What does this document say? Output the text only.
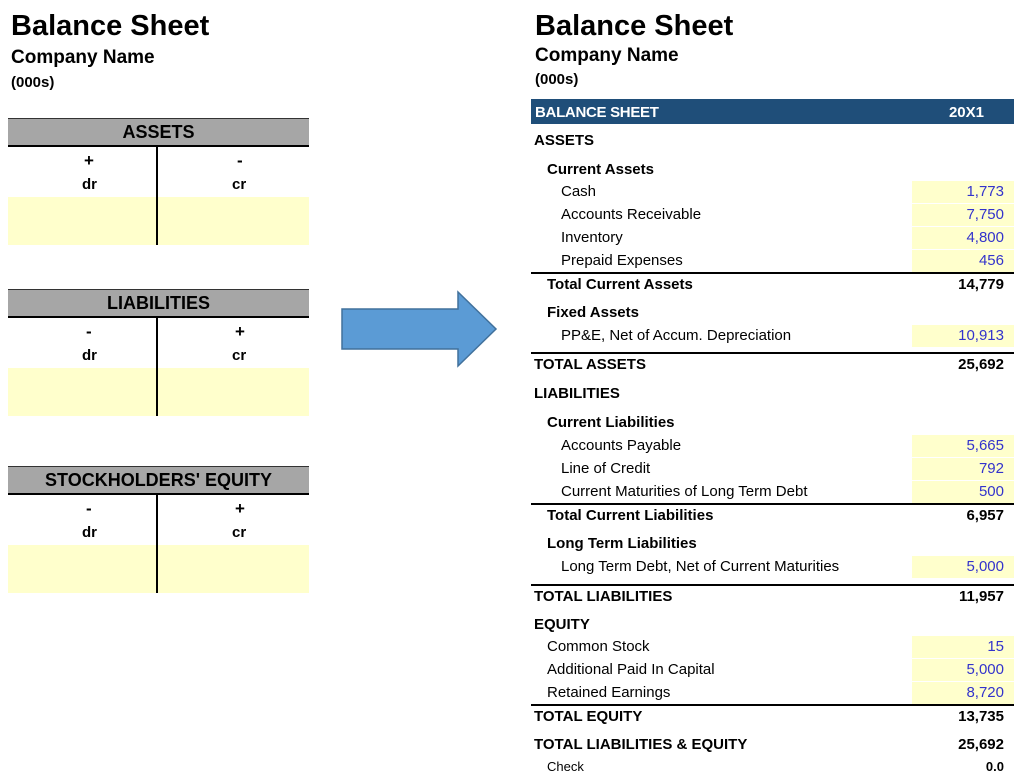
Balance Sheet
Company Name
(000s)
ASSETS
+	-
dr	cr
LIABILITIES
-	+
dr	cr
STOCKHOLDERS' EQUITY
-	+
dr	cr
Balance Sheet
Company Name
(000s)
BALANCE SHEET	20X1
ASSETS
Current Assets
Cash	1,773
Accounts Receivable	7,750
Inventory	4,800
Prepaid Expenses	456
Total Current Assets	14,779
Fixed Assets
PP&E, Net of Accum. Depreciation	10,913
TOTAL ASSETS	25,692
LIABILITIES
Current Liabilities
Accounts Payable	5,665
Line of Credit	792
Current Maturities of Long Term Debt	500
Total Current Liabilities	6,957
Long Term Liabilities
Long Term Debt, Net of Current Maturities	5,000
TOTAL LIABILITIES	11,957
EQUITY
Common Stock	15
Additional Paid In Capital	5,000
Retained Earnings	8,720
TOTAL EQUITY	13,735
TOTAL LIABILITIES & EQUITY	25,692
Check	0.0
